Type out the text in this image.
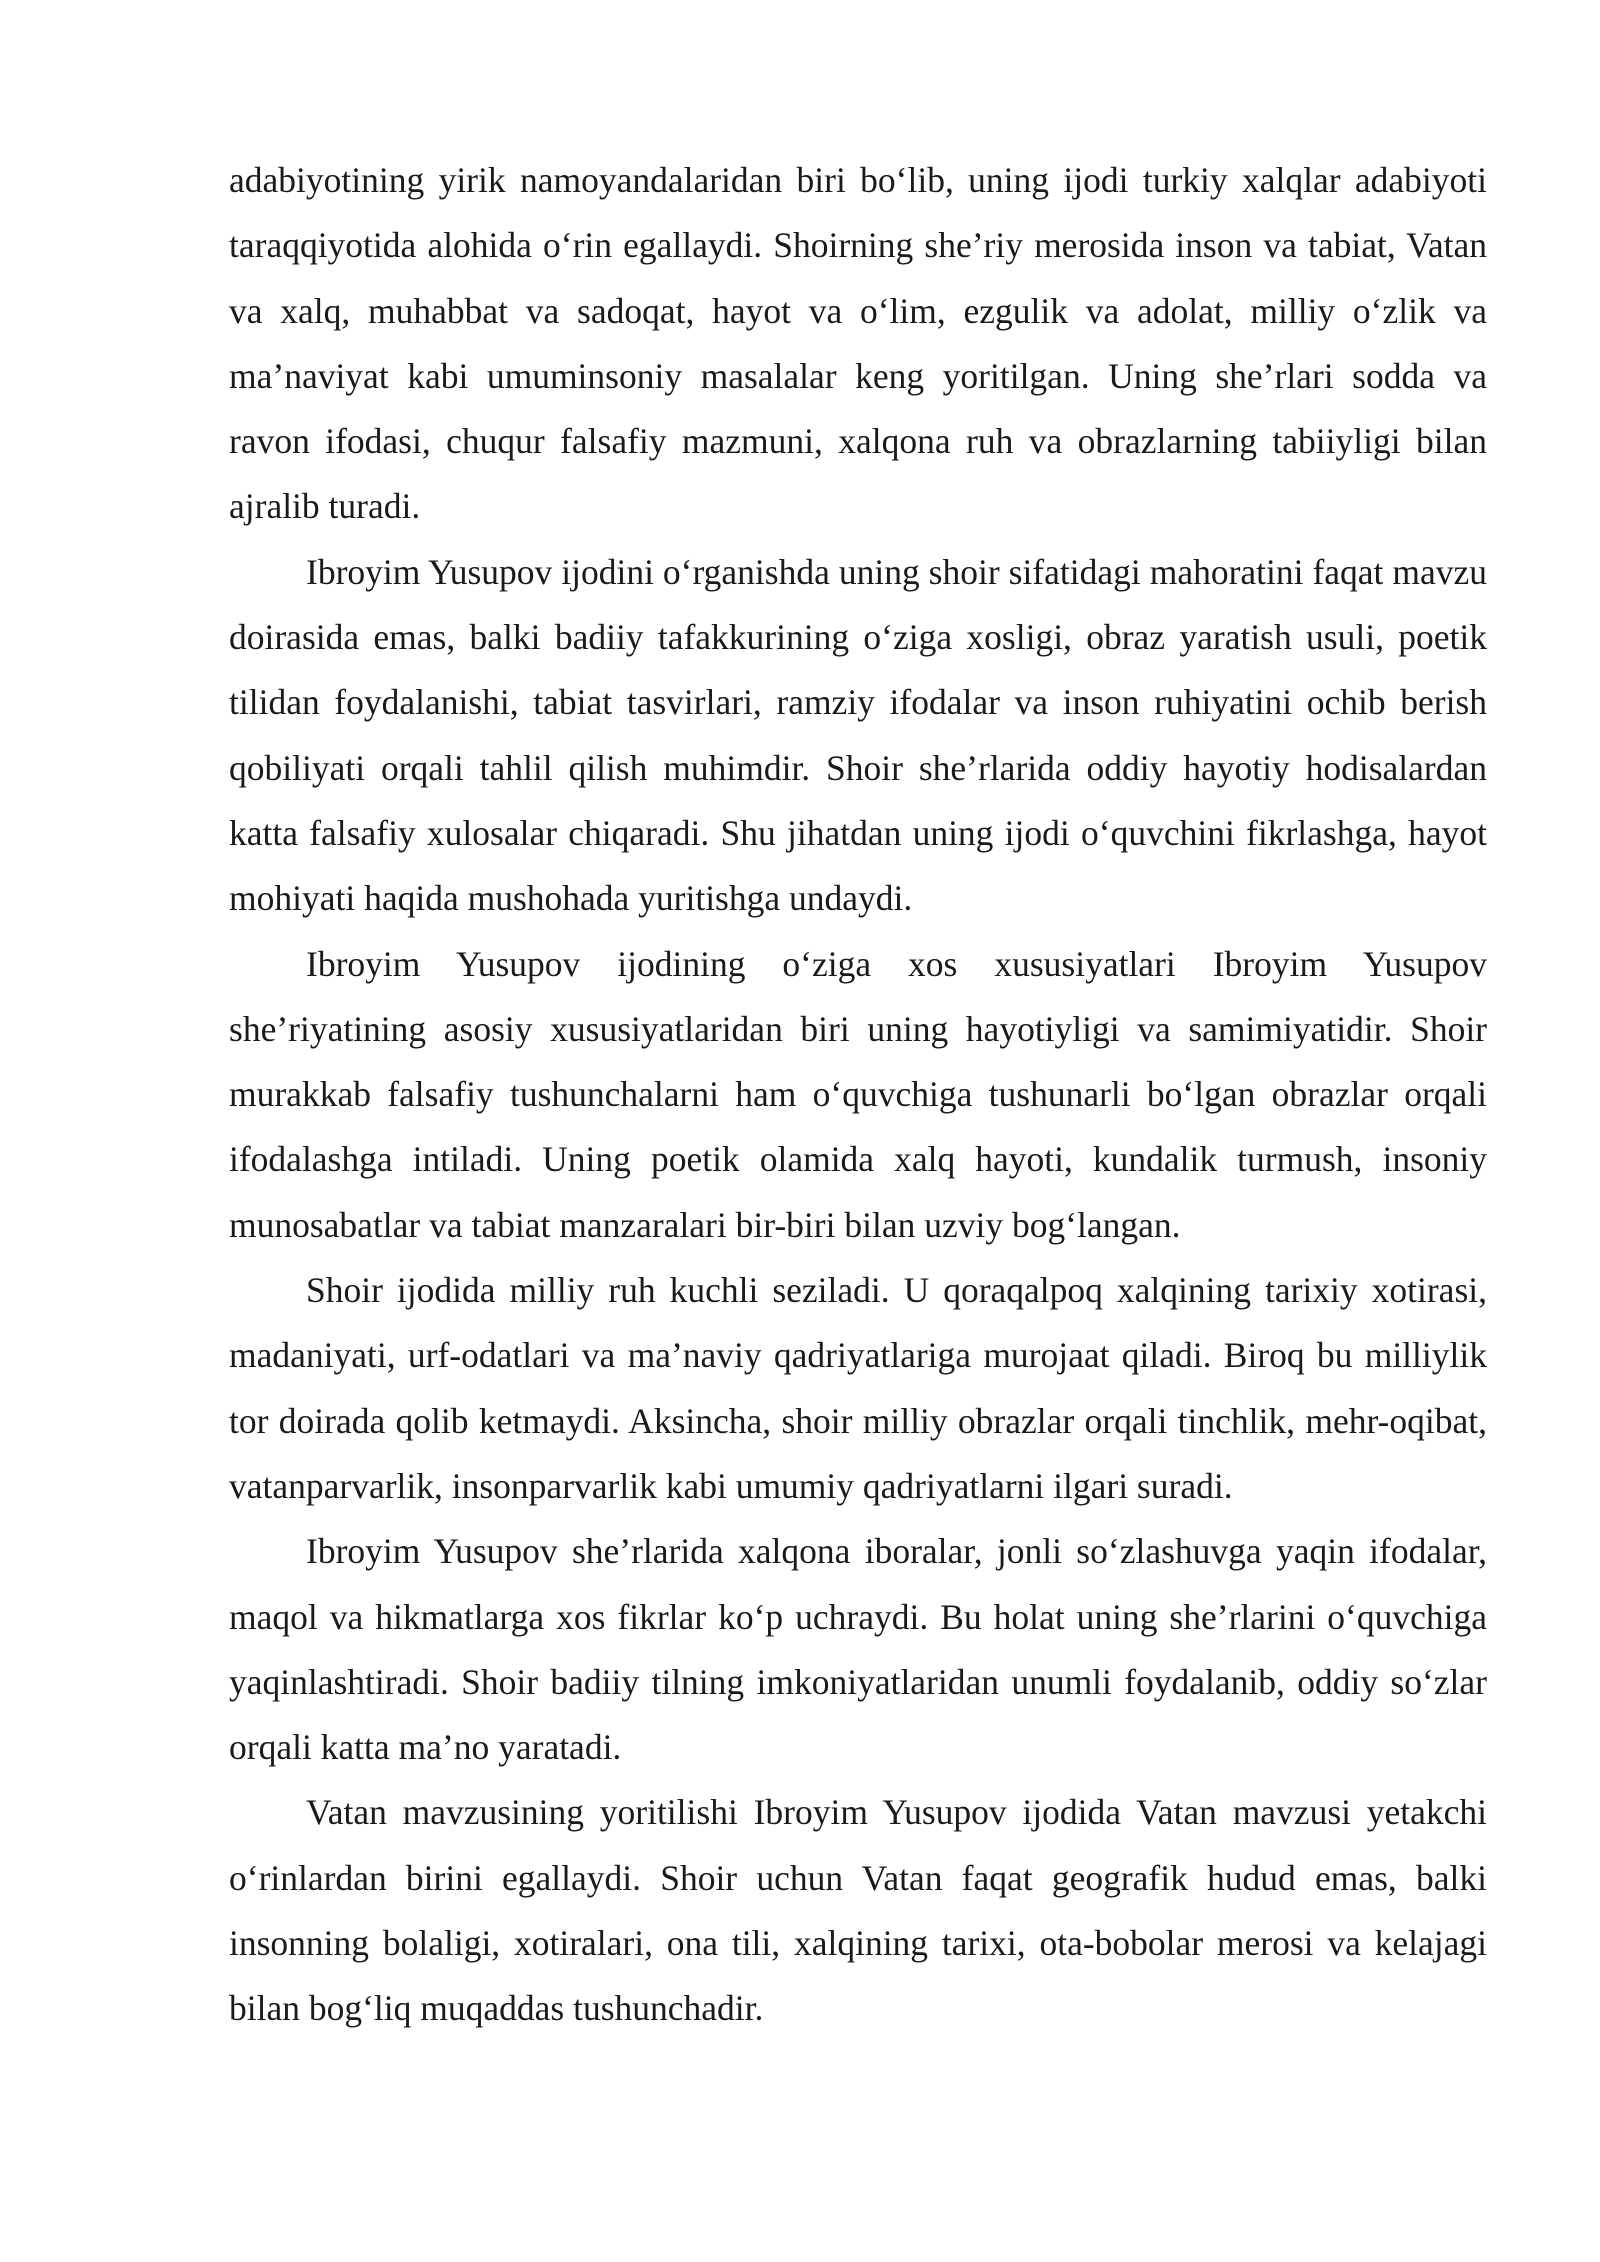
adabiyotining yirik namoyandalaridan biri bo‘lib, uning ijodi turkiy xalqlar adabiyoti taraqqiyotida alohida o‘rin egallaydi. Shoirning she’riy merosida inson va tabiat, Vatan va xalq, muhabbat va sadoqat, hayot va o‘lim, ezgulik va adolat, milliy o‘zlik va ma’naviyat kabi umuminsoniy masalalar keng yoritilgan. Uning she’rlari sodda va ravon ifodasi, chuqur falsafiy mazmuni, xalqona ruh va obrazlarning tabiiyligi bilan ajralib turadi.

Ibroyim Yusupov ijodini o‘rganishda uning shoir sifatidagi mahoratini faqat mavzu doirasida emas, balki badiiy tafakkurining o‘ziga xosligi, obraz yaratish usuli, poetik tilidan foydalanishi, tabiat tasvirlari, ramziy ifodalar va inson ruhiyatini ochib berish qobiliyati orqali tahlil qilish muhimdir. Shoir she’rlarida oddiy hayotiy hodisalardan katta falsafiy xulosalar chiqaradi. Shu jihatdan uning ijodi o‘quvchini fikrlashga, hayot mohiyati haqida mushohada yuritishga undaydi.

Ibroyim Yusupov ijodining o‘ziga xos xususiyatlari Ibroyim Yusupov she’riyatining asosiy xususiyatlaridan biri uning hayotiyligi va samimiyatidir. Shoir murakkab falsafiy tushunchalarni ham o‘quvchiga tushunarli bo‘lgan obrazlar orqali ifodalashga intiladi. Uning poetik olamida xalq hayoti, kundalik turmush, insoniy munosabatlar va tabiat manzaralari bir-biri bilan uzviy bog‘langan.

Shoir ijodida milliy ruh kuchli seziladi. U qoraqalpoq xalqining tarixiy xotirasi, madaniyati, urf-odatlari va ma’naviy qadriyatlariga murojaat qiladi. Biroq bu milliylik tor doirada qolib ketmaydi. Aksincha, shoir milliy obrazlar orqali tinchlik, mehr-oqibat, vatanparvarlik, insonparvarlik kabi umumiy qadriyatlarni ilgari suradi.

Ibroyim Yusupov she’rlarida xalqona iboralar, jonli so‘zlashuvga yaqin ifodalar, maqol va hikmatlarga xos fikrlar ko‘p uchraydi. Bu holat uning she’rlarini o‘quvchiga yaqinlashtiradi. Shoir badiiy tilning imkoniyatlaridan unumli foydalanib, oddiy so‘zlar orqali katta ma’no yaratadi.

Vatan mavzusining yoritilishi Ibroyim Yusupov ijodida Vatan mavzusi yetakchi o‘rinlardan birini egallaydi. Shoir uchun Vatan faqat geografik hudud emas, balki insonning bolaligi, xotiralari, ona tili, xalqining tarixi, ota-bobolar merosi va kelajagi bilan bog‘liq muqaddas tushunchadir.
